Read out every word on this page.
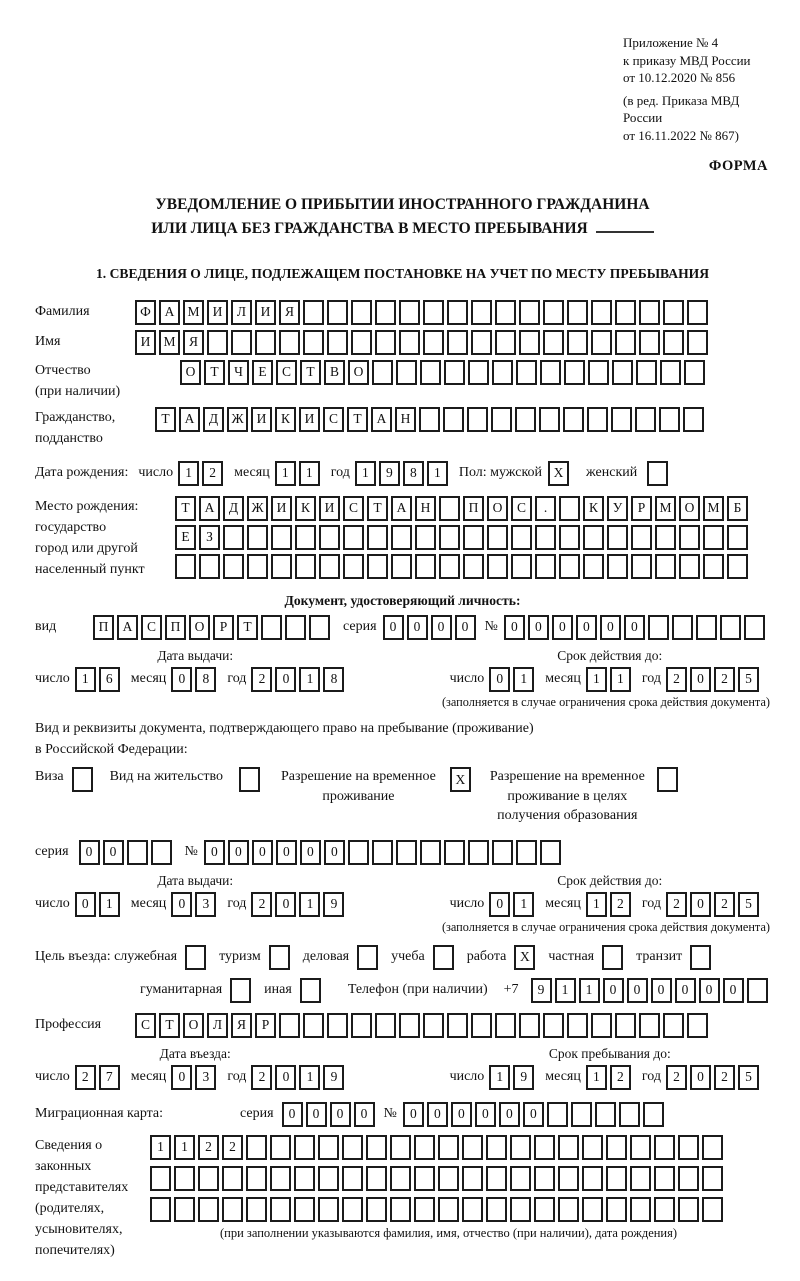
Приложение № 4
к приказу МВД России
от 10.12.2020 № 856
(в ред. Приказа МВД России
от 16.11.2022 № 867)
ФОРМА
УВЕДОМЛЕНИЕ О ПРИБЫТИИ ИНОСТРАННОГО ГРАЖДАНИНА
ИЛИ ЛИЦА БЕЗ ГРАЖДАНСТВА В МЕСТО ПРЕБЫВАНИЯ
1. СВЕДЕНИЯ О ЛИЦЕ, ПОДЛЕЖАЩЕМ ПОСТАНОВКЕ НА УЧЕТ ПО МЕСТУ ПРЕБЫВАНИЯ
Фамилия	Ф	А М И	Л	И	Я
Имя	И М Я
Отчество
(при наличии)
О	Т	Ч	Е	С	Т	В	О
Гражданство,
подданство
Т	А	Д Ж И	К	И	С	Т	А	Н
Дата рождения: число 1	2	месяц 1	1	год 1	9	8	1	Пол: мужской X	женский
Место рождения:
государство
город или другой
населенный пункт
Т	А	Д Ж И	К	И	С	Т	А	Н	П	О	С	.	К	У	Р	М О М	Б
Е	З
Документ, удостоверяющий личность:
вид	П	А	С	П	О	Р	Т	серия 0	0	0	0	№ 0	0	0	0	0	0
Дата выдачи:
число 1	6	месяц 0	8	год 2	0	1	8
Срок действия до:
число 0	1	месяц 1	1	год 2	0	2	5
(заполняется в случае ограничения срока действия документа)
Вид и реквизиты документа, подтверждающего право на пребывание (проживание)
в Российской Федерации:
Виза	Вид на жительство	Разрешение на временное
проживание
X	Разрешение на временное
проживание в целях
получения образования
серия	0	0	№ 0	0	0	0	0	0
Дата выдачи:
число 0	1	месяц 0	3	год 2	0	1	9
Срок действия до:
число 0	1	месяц 1	2	год 2	0	2	5
(заполняется в случае ограничения срока действия документа)
Цель въезда: служебная	туризм	деловая	учеба	работа	X	частная	транзит
гуманитарная	иная	Телефон (при наличии) +7	9	1	1	0	0	0	0	0	0
Профессия	С	Т	О	Л	Я	Р
Дата въезда:
число 2	7	месяц 0	3	год 2	0	1	9
Срок пребывания до:
число 1	9	месяц 1	2	год 2	0	2	5
Миграционная карта:	серия	0	0	0	0	№ 0	0	0	0	0	0
Сведения о
законных
представителях
(родителях,
усыновителях,
попечителях)
1	1	2	2
(при заполнении указываются фамилия, имя, отчество (при наличии), дата рождения)
